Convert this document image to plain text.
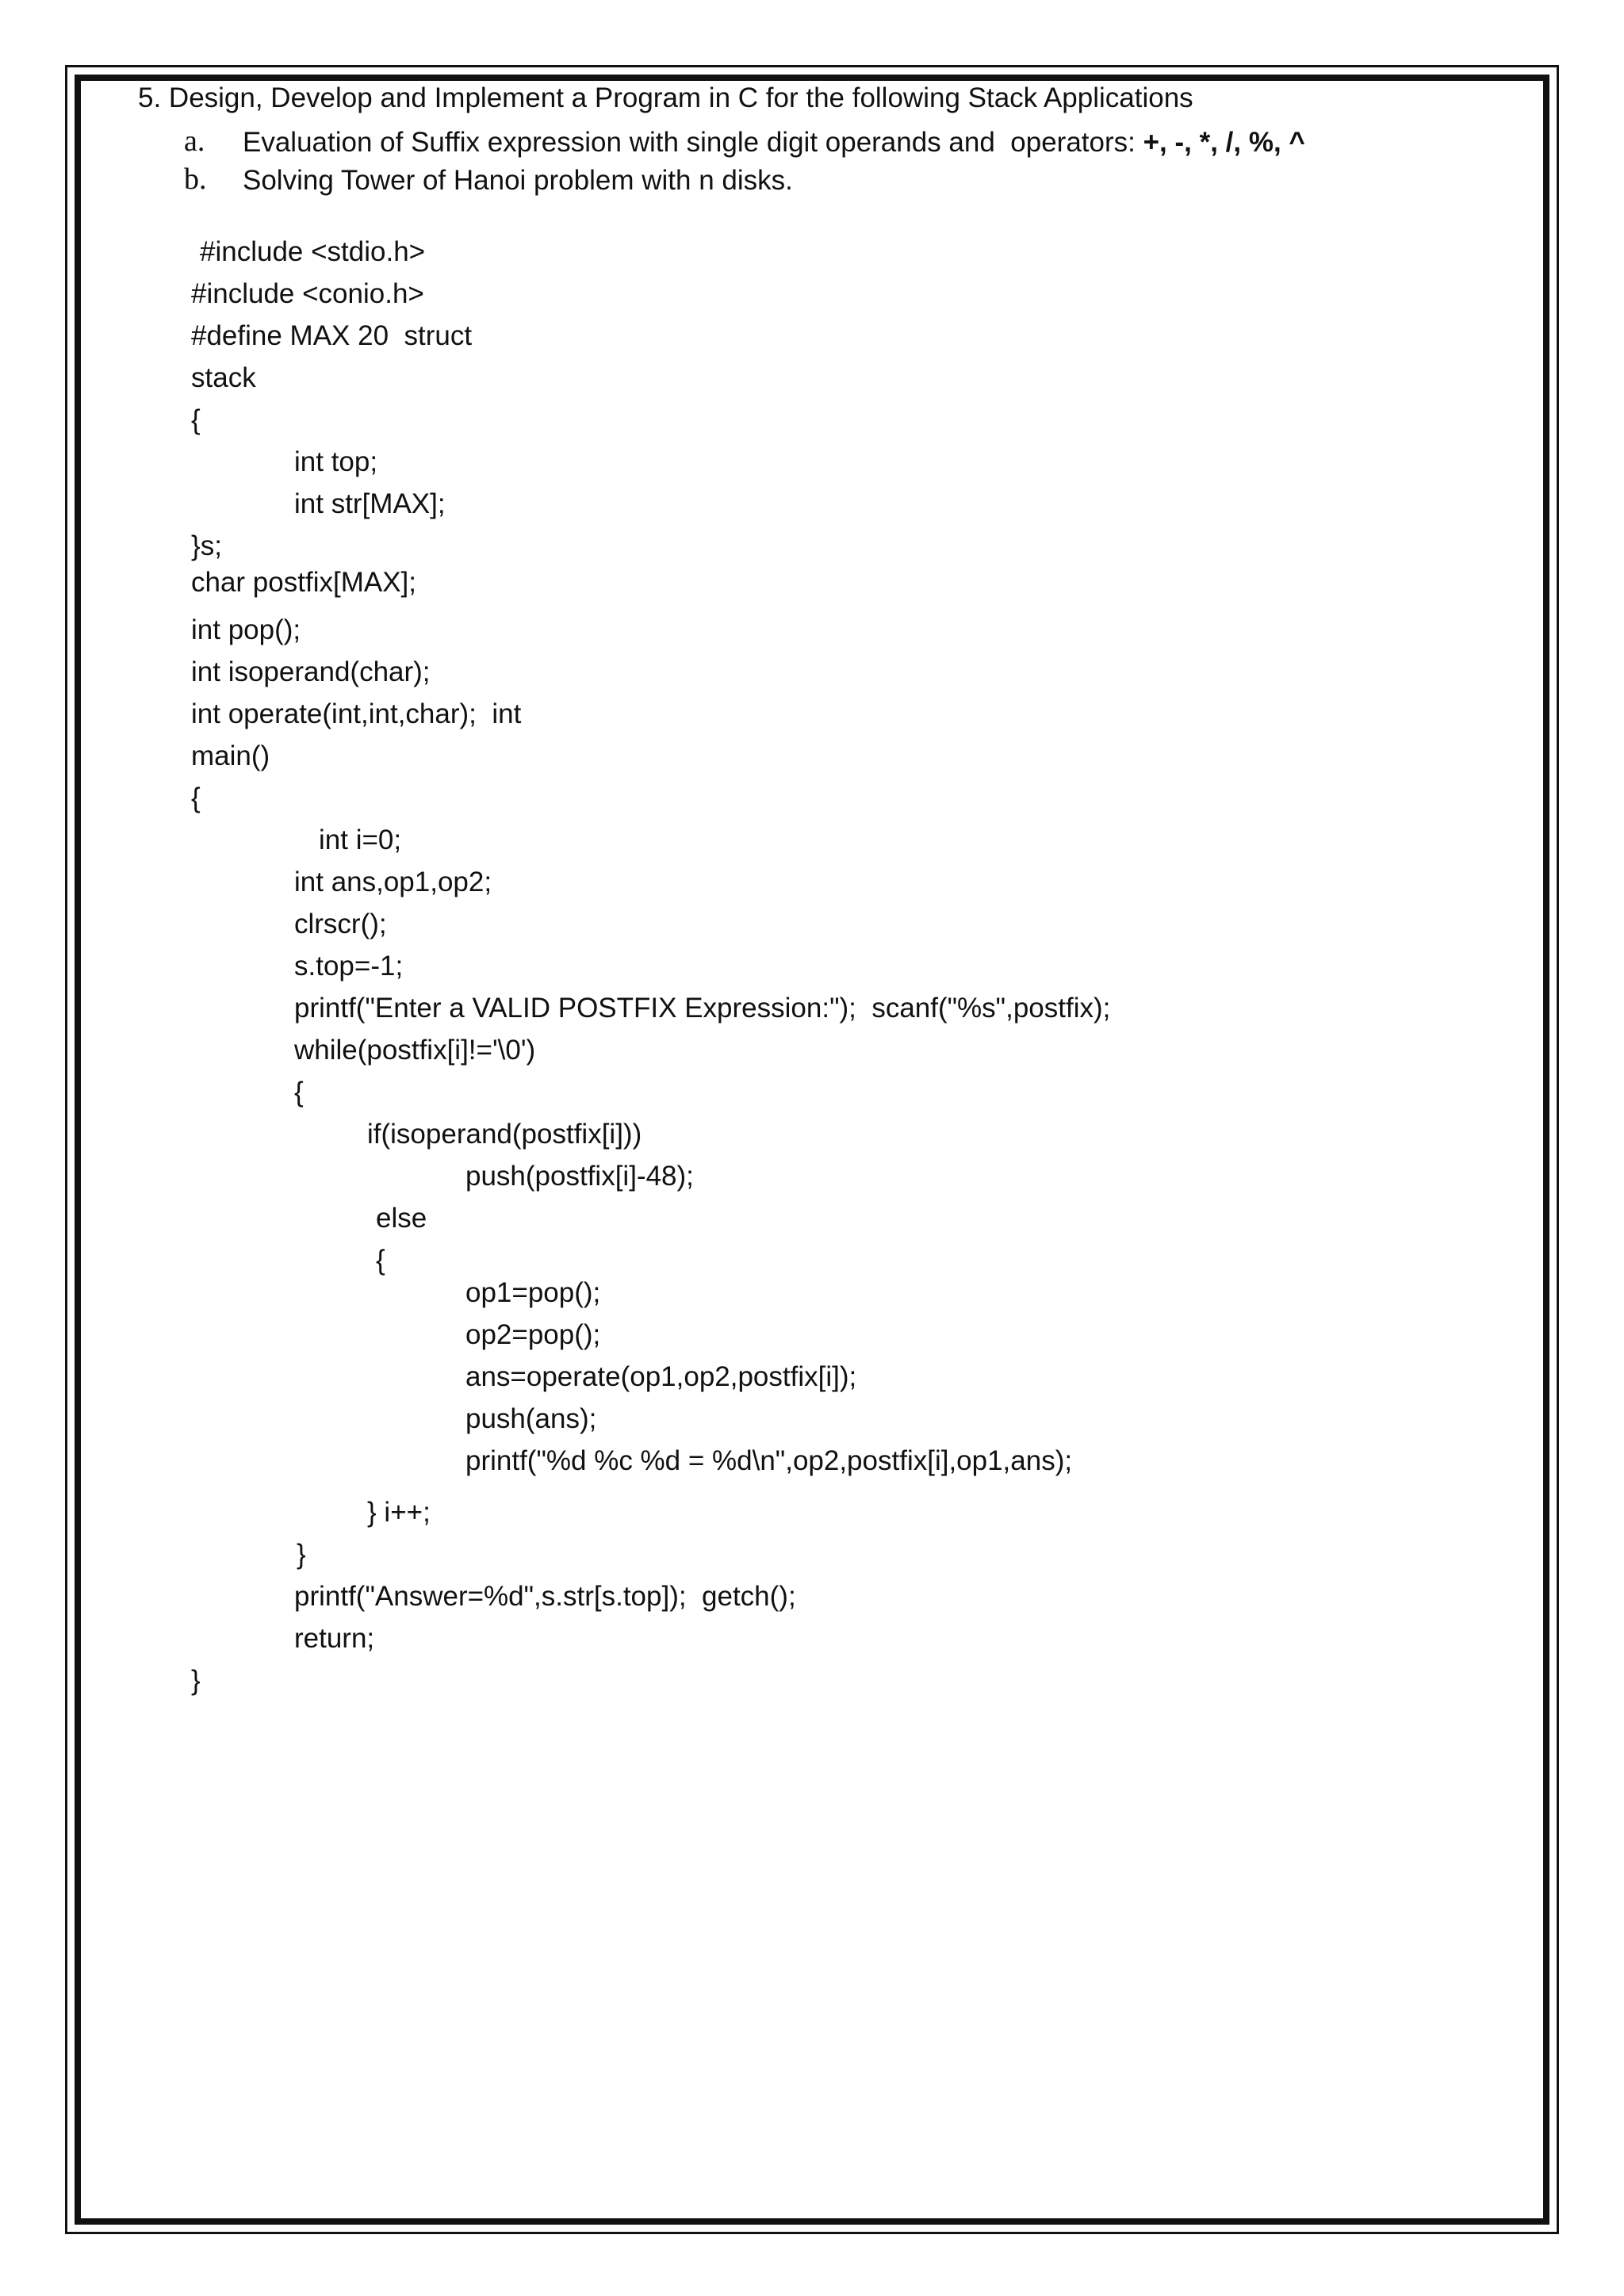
5. Design, Develop and Implement a Program in C for the following Stack Applications
a. Evaluation of Suffix expression with single digit operands and  operators: +, -, *, /, %, ^
b. Solving Tower of Hanoi problem with n disks.
#include <stdio.h>
#include <conio.h>
#define MAX 20  struct
stack
{
int top;
int str[MAX];
}s;
char postfix[MAX];
int pop();
int isoperand(char);
int operate(int,int,char);  int
main()
{
int i=0;
int ans,op1,op2;
clrscr();
s.top=-1;
printf("Enter a VALID POSTFIX Expression:");  scanf("%s",postfix);
while(postfix[i]!='\0')
{
if(isoperand(postfix[i]))
push(postfix[i]-48);
else
{
op1=pop();
op2=pop();
ans=operate(op1,op2,postfix[i]);
push(ans);
printf("%d %c %d = %d\n",op2,postfix[i],op1,ans);
} i++;
}
printf("Answer=%d",s.str[s.top]);  getch();
return;
}
